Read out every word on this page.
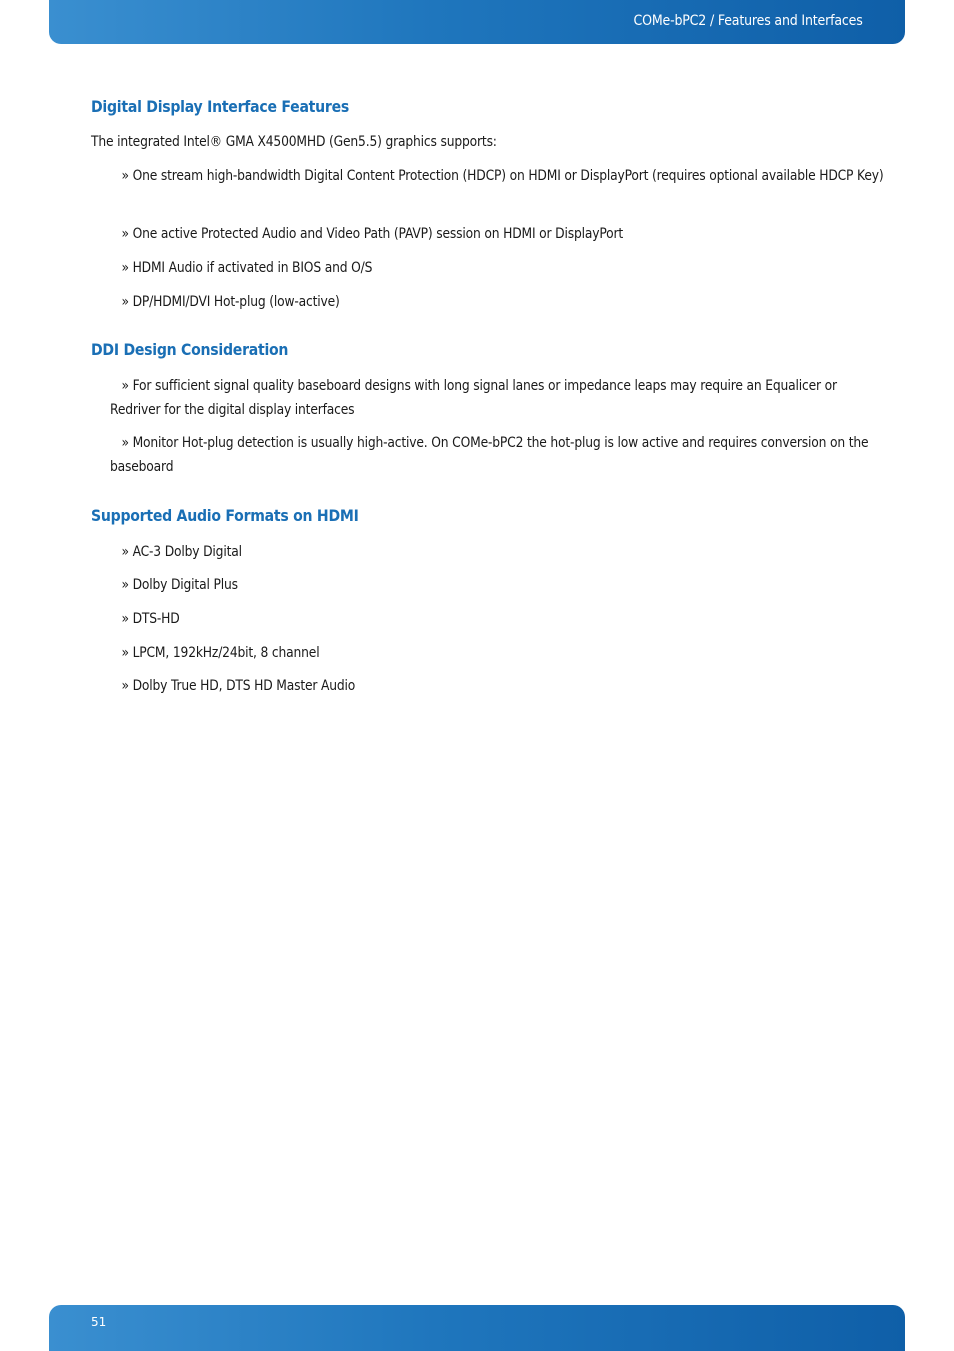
COMe-bPC2 / Features and Interfaces
Digital Display Interface Features
The integrated Intel® GMA X4500MHD (Gen5.5) graphics supports:
» One stream high-bandwidth Digital Content Protection (HDCP) on HDMI or DisplayPort (requires optional available HDCP Key)
» One active Protected Audio and Video Path (PAVP) session on HDMI or DisplayPort
» HDMI Audio if activated in BIOS and O/S
» DP/HDMI/DVI Hot-plug (low-active)
DDI Design Consideration
» For sufficient signal quality baseboard designs with long signal lanes or impedance leaps may require an Equalicer or Redriver for the digital display interfaces
» Monitor Hot-plug detection is usually high-active. On COMe-bPC2 the hot-plug is low active and requires conversion on the baseboard
Supported Audio Formats on HDMI
» AC-3 Dolby Digital
» Dolby Digital Plus
» DTS-HD
» LPCM, 192kHz/24bit, 8 channel
» Dolby True HD, DTS HD Master Audio
51
